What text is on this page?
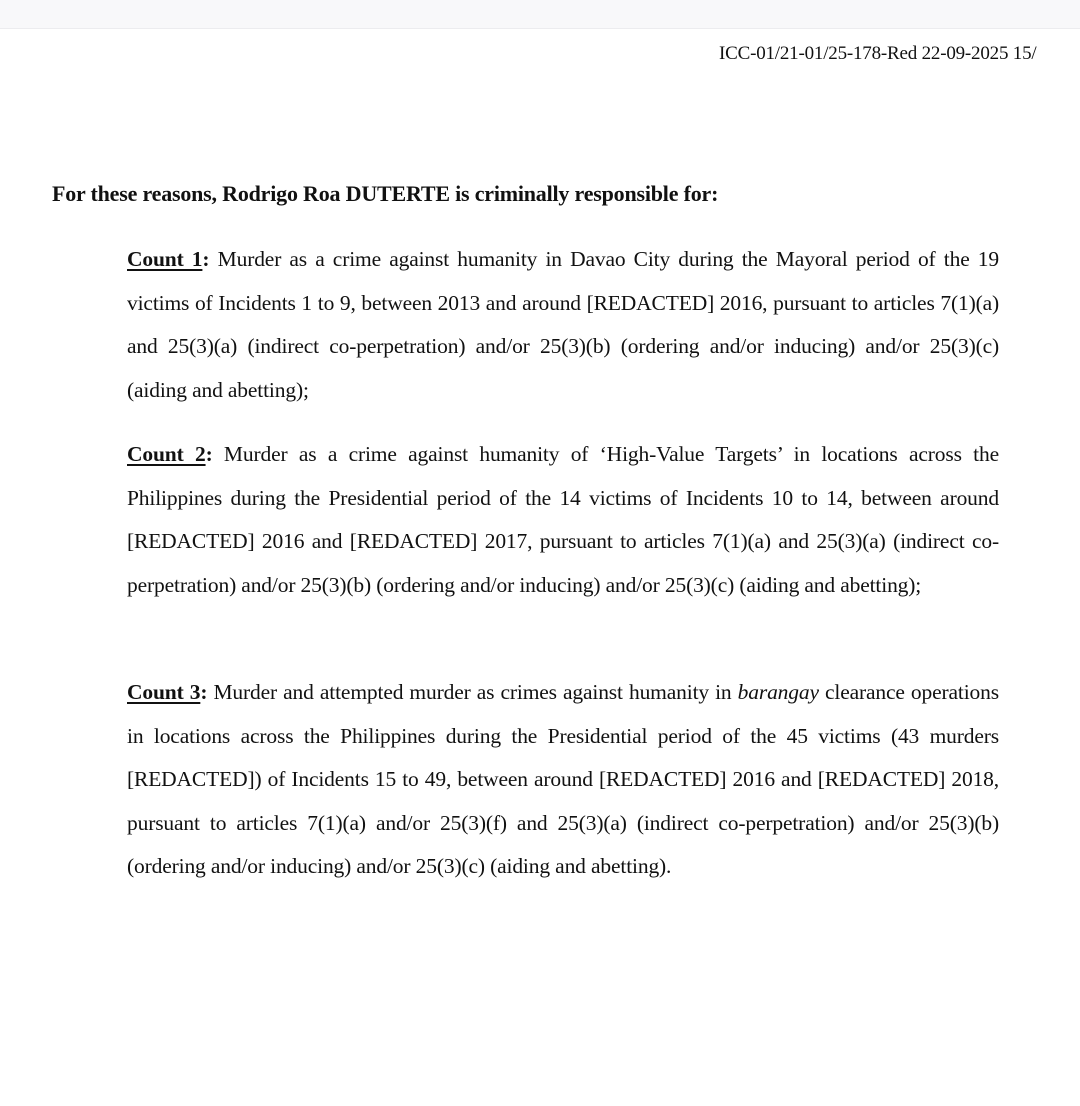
ICC-01/21-01/25-178-Red 22-09-2025 15/
For these reasons, Rodrigo Roa DUTERTE is criminally responsible for:

Count 1: Murder as a crime against humanity in Davao City during the Mayoral period of the 19 victims of Incidents 1 to 9, between 2013 and around [REDACTED] 2016, pursuant to articles 7(1)(a) and 25(3)(a) (indirect co-perpetration) and/or 25(3)(b) (ordering and/or inducing) and/or 25(3)(c) (aiding and abetting);

Count 2: Murder as a crime against humanity of ‘High-Value Targets’ in locations across the Philippines during the Presidential period of the 14 victims of Incidents 10 to 14, between around [REDACTED] 2016 and [REDACTED] 2017, pursuant to articles 7(1)(a) and 25(3)(a) (indirect co-perpetration) and/or 25(3)(b) (ordering and/or inducing) and/or 25(3)(c) (aiding and abetting);

Count 3: Murder and attempted murder as crimes against humanity in barangay clearance operations in locations across the Philippines during the Presidential period of the 45 victims (43 murders [REDACTED]) of Incidents 15 to 49, between around [REDACTED] 2016 and [REDACTED] 2018, pursuant to articles 7(1)(a) and/or 25(3)(f) and 25(3)(a) (indirect co-perpetration) and/or 25(3)(b) (ordering and/or inducing) and/or 25(3)(c) (aiding and abetting).
